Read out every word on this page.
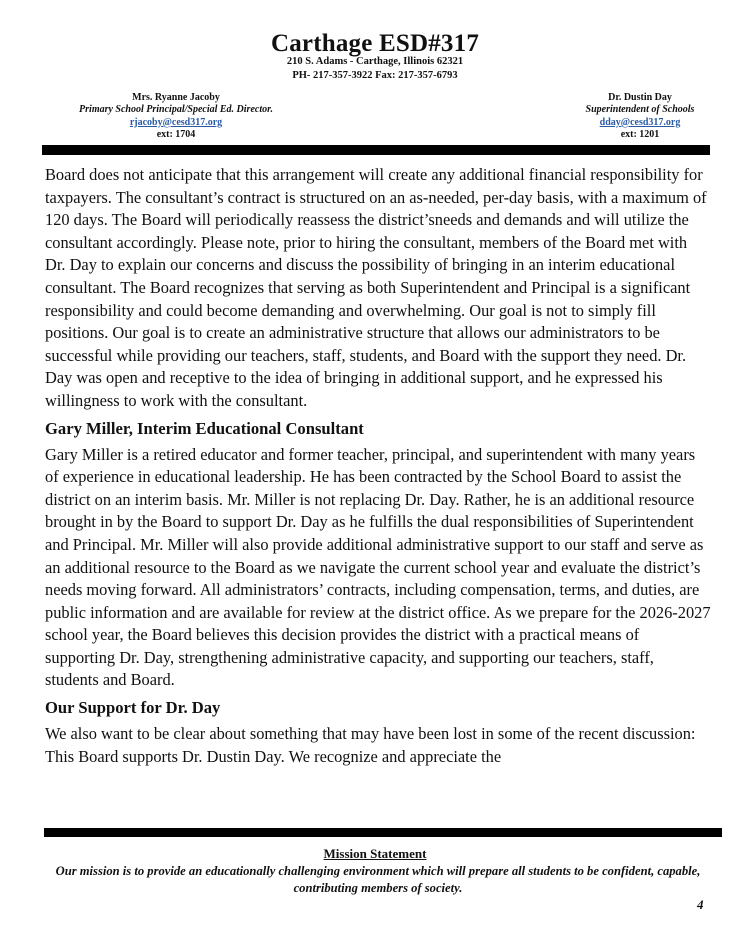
Carthage ESD#317
210 S. Adams - Carthage, Illinois 62321
PH- 217-357-3922 Fax: 217-357-6793
Mrs. Ryanne Jacoby
Primary School Principal/Special Ed. Director.
rjacoby@cesd317.org
ext: 1704
Dr. Dustin Day
Superintendent of Schools
dday@cesd317.org
ext: 1201

Board does not anticipate that this arrangement will create any additional financial responsibility for taxpayers. The consultant’s contract is structured on an as-needed, per-day basis, with a maximum of 120 days. The Board will periodically reassess the district’sneeds and demands and will utilize the consultant accordingly. Please note, prior to hiring the consultant, members of the Board met with Dr. Day to explain our concerns and discuss the possibility of bringing in an interim educational consultant. The Board recognizes that serving as both Superintendent and Principal is a significant responsibility and could become demanding and overwhelming. Our goal is not to simply fill positions. Our goal is to create an administrative structure that allows our administrators to be successful while providing our teachers, staff, students, and Board with the support they need. Dr. Day was open and receptive to the idea of bringing in additional support, and he expressed his willingness to work with the consultant.

Gary Miller, Interim Educational Consultant

Gary Miller is a retired educator and former teacher, principal, and superintendent with many years of experience in educational leadership. He has been contracted by the School Board to assist the district on an interim basis. Mr. Miller is not replacing Dr. Day. Rather, he is an additional resource brought in by the Board to support Dr. Day as he fulfills the dual responsibilities of Superintendent and Principal. Mr. Miller will also provide additional administrative support to our staff and serve as an additional resource to the Board as we navigate the current school year and evaluate the district’s needs moving forward. All administrators’ contracts, including compensation, terms, and duties, are public information and are available for review at the district office. As we prepare for the 2026-2027 school year, the Board believes this decision provides the district with a practical means of supporting Dr. Day, strengthening administrative capacity, and supporting our teachers, staff, students and Board.

Our Support for Dr. Day

We also want to be clear about something that may have been lost in some of the recent discussion: This Board supports Dr. Dustin Day. We recognize and appreciate the

Mission Statement
Our mission is to provide an educationally challenging environment which will prepare all students to be confident, capable, contributing members of society.
4
